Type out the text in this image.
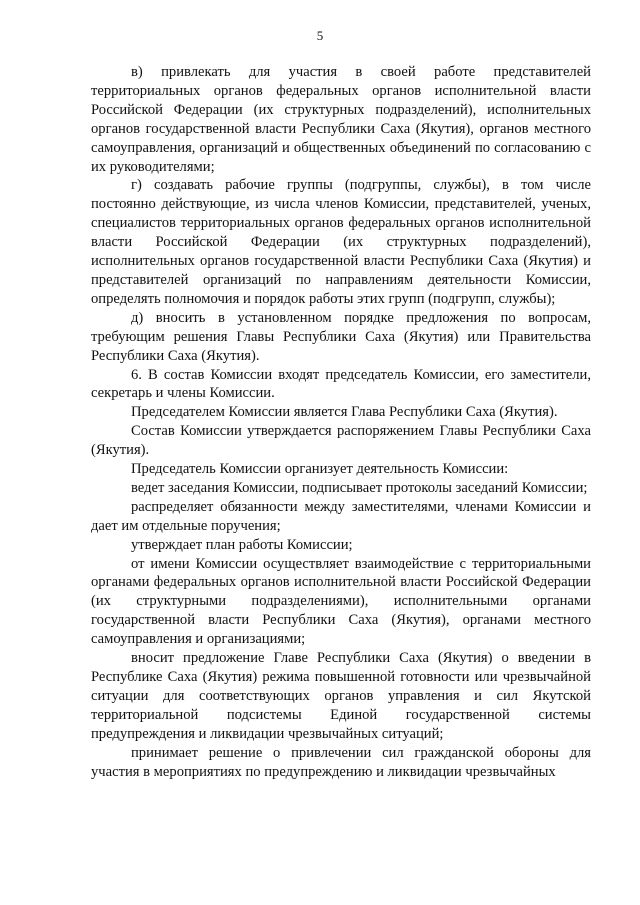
5

в) привлекать для участия в своей работе представителей территориальных органов федеральных органов исполнительной власти Российской Федерации (их структурных подразделений), исполнительных органов государственной власти Республики Саха (Якутия), органов местного самоуправления, организаций и общественных объединений по согласованию с их руководителями;

г) создавать рабочие группы (подгруппы, службы), в том числе постоянно действующие, из числа членов Комиссии, представителей, ученых, специалистов территориальных органов федеральных органов исполнительной власти Российской Федерации (их структурных подразделений), исполнительных органов государственной власти Республики Саха (Якутия) и представителей организаций по направлениям деятельности Комиссии, определять полномочия и порядок работы этих групп (подгрупп, службы);

д) вносить в установленном порядке предложения по вопросам, требующим решения Главы Республики Саха (Якутия) или Правительства Республики Саха (Якутия).

6. В состав Комиссии входят председатель Комиссии, его заместители, секретарь и члены Комиссии.

Председателем Комиссии является Глава Республики Саха (Якутия).

Состав Комиссии утверждается распоряжением Главы Республики Саха (Якутия).

Председатель Комиссии организует деятельность Комиссии:

ведет заседания Комиссии, подписывает протоколы заседаний Комиссии;

распределяет обязанности между заместителями, членами Комиссии и дает им отдельные поручения;

утверждает план работы Комиссии;

от имени Комиссии осуществляет взаимодействие с территориальными органами федеральных органов исполнительной власти Российской Федерации (их структурными подразделениями), исполнительными органами государственной власти Республики Саха (Якутия), органами местного самоуправления и организациями;

вносит предложение Главе Республики Саха (Якутия) о введении в Республике Саха (Якутия) режима повышенной готовности или чрезвычайной ситуации для соответствующих органов управления и сил Якутской территориальной подсистемы Единой государственной системы предупреждения и ликвидации чрезвычайных ситуаций;

принимает решение о привлечении сил гражданской обороны для участия в мероприятиях по предупреждению и ликвидации чрезвычайных
